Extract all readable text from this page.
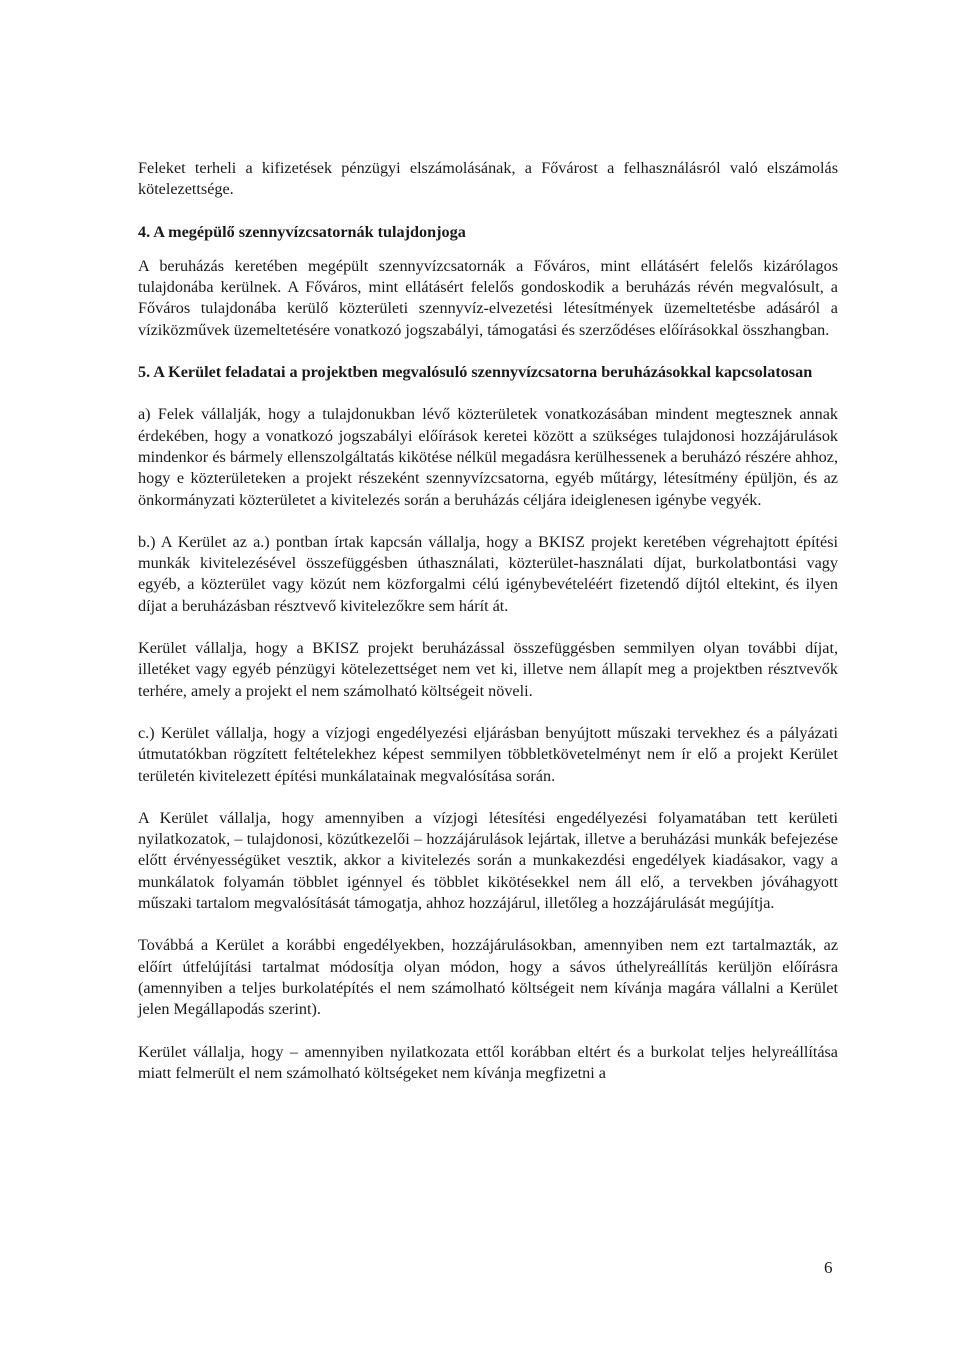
Feleket terheli a kifizetések pénzügyi elszámolásának, a Fővárost a felhasználásról való elszámolás kötelezettsége.

4. A megépülő szennyvízcsatornák tulajdonjoga

A beruházás keretében megépült szennyvízcsatornák a Főváros, mint ellátásért felelős kizárólagos tulajdonába kerülnek. A Főváros, mint ellátásért felelős gondoskodik a beruházás révén megvalósult, a Főváros tulajdonába kerülő közterületi szennyvíz-elvezetési létesítmények üzemeltetésbe adásáról a víziközművek üzemeltetésére vonatkozó jogszabályi, támogatási és szerződéses előírásokkal összhangban.

5. A Kerület feladatai a projektben megvalósuló szennyvízcsatorna beruházásokkal kapcsolatosan

a) Felek vállalják, hogy a tulajdonukban lévő közterületek vonatkozásában mindent megtesznek annak érdekében, hogy a vonatkozó jogszabályi előírások keretei között a szükséges tulajdonosi hozzájárulások mindenkor és bármely ellenszolgáltatás kikötése nélkül megadásra kerülhessenek a beruházó részére ahhoz, hogy e közterületeken a projekt részeként szennyvízcsatorna, egyéb műtárgy, létesítmény épüljön, és az önkormányzati közterületet a kivitelezés során a beruházás céljára ideiglenesen igénybe vegyék.

b.) A Kerület az a.) pontban írtak kapcsán vállalja, hogy a BKISZ projekt keretében végrehajtott építési munkák kivitelezésével összefüggésben úthasználati, közterület-használati díjat, burkolatbontási vagy egyéb, a közterület vagy közút nem közforgalmi célú igénybevételéért fizetendő díjtól eltekint, és ilyen díjat a beruházásban résztvevő kivitelezőkre sem hárít át.

Kerület vállalja, hogy a BKISZ projekt beruházással összefüggésben semmilyen olyan további díjat, illetéket vagy egyéb pénzügyi kötelezettséget nem vet ki, illetve nem állapít meg a projektben résztvevők terhére, amely a projekt el nem számolható költségeit növeli.

c.) Kerület vállalja, hogy a vízjogi engedélyezési eljárásban benyújtott műszaki tervekhez és a pályázati útmutatókban rögzített feltételekhez képest semmilyen többletkövetelményt nem ír elő a projekt Kerület területén kivitelezett építési munkálatainak megvalósítása során.

A Kerület vállalja, hogy amennyiben a vízjogi létesítési engedélyezési folyamatában tett kerületi nyilatkozatok, – tulajdonosi, közútkezelői – hozzájárulások lejártak, illetve a beruházási munkák befejezése előtt érvényességüket vesztik, akkor a kivitelezés során a munkakezdési engedélyek kiadásakor, vagy a munkálatok folyamán többlet igénnyel és többlet kikötésekkel nem áll elő, a tervekben jóváhagyott műszaki tartalom megvalósítását támogatja, ahhoz hozzájárul, illetőleg a hozzájárulását megújítja.

Továbbá a Kerület a korábbi engedélyekben, hozzájárulásokban, amennyiben nem ezt tartalmazták, az előírt útfelújítási tartalmat módosítja olyan módon, hogy a sávos úthelyreállítás kerüljön előírásra (amennyiben a teljes burkolatépítés el nem számolható költségeit nem kívánja magára vállalni a Kerület jelen Megállapodás szerint).

Kerület vállalja, hogy – amennyiben nyilatkozata ettől korábban eltért és a burkolat teljes helyreállítása miatt felmerült el nem számolható költségeket nem kívánja megfizetni a

6
